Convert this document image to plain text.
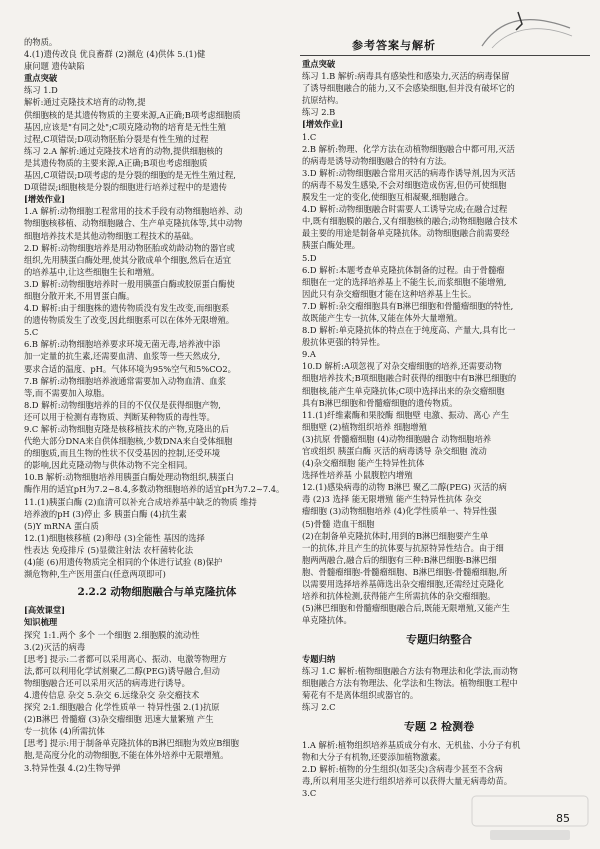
参考答案与解析
的物质。
4.(1)遗传改良 优良畜群 (2)濒危 (4)供体 5.(1)健
康问题 遗传缺陷
重点突破
练习 1.D
解析:通过克隆技术培育的动物,提
供细胞核的是其遗传物质的主要来源,A正确;B项考虑细胞质
基因,应该是"有同之处";C项克隆动物的培育是无性生殖
过程,C项错误;D项动物胚胎分裂是有性生殖的过程
练习 2.A 解析:通过克隆技术培育的动物,提供细胞核的
是其遗传物质的主要来源,A正确;B项也考虑细胞质
基因,C项错误;D项考虑的是分裂的细胞的是无性生殖过程,
D项错误;i细胞核是分裂的细胞进行培养过程中的是遗传
[增效作业]
1.A 解析:动物细胞工程常用的技术手段有动物细胞培养、动
物细胞核移植、动物细胞融合、生产单克隆抗体等,其中动物
细胞培养技术是其他动物细胞工程技术的基础。
2.D 解析:动物细胞培养是用动物胚胎或幼龄动物的器官或
组织,先用胰蛋白酶处理,使其分散成单个细胞,然后在适宜
的培养基中,让这些细胞生长和增殖。
3.D 解析:动物细胞培养时一般用胰蛋白酶或胶原蛋白酶使
细胞分散开来,不用胃蛋白酶。
4.D 解析:由于细胞株的遗传物质没有发生改变,而细胞系
的遗传物质发生了改变,因此细胞系可以在体外无限增殖。
5.C
6.B 解析:动物细胞培养要求环境无菌无毒,培养液中添
加一定量的抗生素,还需要血清、血浆等一些天然成分,
要求合适的温度、pH。气体环境为95%空气和5%CO2。
7.B 解析:动物细胞培养液通常需要加入动物血清、血浆
等,而不需要加入琼脂。
8.D 解析:动物细胞培养的目的不仅仅是获得细胞产物,
还可以用于检测有毒物质、判断某种物质的毒性等。
9.C 解析:动物细胞克隆是核移植技术的产物,克隆出的后
代绝大部分DNA来自供体细胞核,少数DNA来自受体细胞
的细胞质,而且生物的性状不仅受基因的控制,还受环境
的影响,因此克隆动物与供体动物不完全相同。
10.B 解析:动物细胞培养用胰蛋白酶处理动物组织,胰蛋白
酶作用的适宜pH为7.2~8.4,多数动物细胞培养的适宜pH为7.2~7.4。
11.(1)胰蛋白酶 (2)血清可以补充合成培养基中缺乏的物质 维持
培养液的pH (3)停止 多 胰蛋白酶 (4)抗生素
(5)Y mRNA 蛋白质
12.(1)细胞核移植 (2)卵母 (3)全能性 基因的选择
性表达 免疫排斥 (5)显微注射法 农杆菌转化法
(4)能 (6)用遗传物质完全相同的个体进行试验 (8)保护
濒危物种,生产医用蛋白(任意两项即可)
2.2.2 动物细胞融合与单克隆抗体
[高效课堂]
知识梳理
探究 1:1.两个 多个 一个细胞 2.细胞膜的流动性
3.(2)灭活的病毒
[思考] 提示:二者都可以采用离心、振动、电激等物理方
法,都可以利用化学试剂聚乙二醇(PEG)诱导融合,但动
物细胞融合还可以采用灭活的病毒进行诱导。
4.遗传信息 杂交 5.杂交 6.远缘杂交 杂交瘤技术
探究 2:1.细胞融合 化学性质单一 特异性强 2.(1)抗原
(2)B淋巴 骨髓瘤 (3)杂交瘤细胞 迅速大量繁殖 产生
专一抗体 (4)所需抗体
[思考] 提示:用于制备单克隆抗体的B淋巴细胞为效应B细胞
胞,是高度分化的动物细胞,不能在体外培养中无限增殖。
3.特异性强 4.(2)生物导弹
重点突破
练习 1.B 解析:病毒具有感染性和感染力,灭活的病毒保留
了诱导细胞融合的能力,又不会感染细胞,但并没有破坏它的
抗原结构。
练习 2.B
[增效作业]
1.C
2.B 解析:物理、化学方法在动植物细胞融合中都可用,灭活
的病毒是诱导动物细胞融合的特有方法。
3.D 解析:动物细胞融合常用灭活的病毒作诱导剂,因为灭活
的病毒不易发生感染,不会对细胞造成伤害,但仍可使细胞
膜发生一定的变化,使细胞互相凝聚,细胞融合。
4.D 解析:动物细胞融合时需要人工诱导完成;在融合过程
中,既有细胞膜的融合,又有细胞核的融合;动物细胞融合技术
最主要的用途是制备单克隆抗体。动物细胞融合前需要经
胰蛋白酶处理。
5.D
6.D 解析:本题考查单克隆抗体制备的过程。由于骨髓瘤
细胞在一定的选择培养基上不能生长,而浆细胞不能增殖,
因此只有杂交瘤细胞才能在这种培养基上生长。
7.D 解析:杂交瘤细胞具有B淋巴细胞和骨髓瘤细胞的特性,
故既能产生专一抗体,又能在体外大量增殖。
8.D 解析:单克隆抗体的特点在于纯度高、产量大,具有比一
般抗体更强的特异性。
9.A
10.D 解析:A项忽视了对杂交瘤细胞的培养,还需要动物
细胞培养技术;B项细胞融合时获得的细胞中有B淋巴细胞的
细胞核,能产生单克隆抗体;C项中选择出来的杂交瘤细胞
具有B淋巴细胞和骨髓瘤细胞的遗传物质。
11.(1)纤维素酶和果胶酶 细胞壁 电激、振动、离心 产生
细胞壁 (2)植物组织培养 细胞增殖
(3)抗原 骨髓瘤细胞 (4)动物细胞融合 动物细胞培养
官或组织 胰蛋白酶 灭活的病毒诱导 杂交细胞 流动
(4)杂交瘤细胞 能产生特异性抗体
选择性培养基 小鼠腹腔内增殖
12.(1)感染病毒的动物 B淋巴 聚乙二醇(PEG) 灭活的病
毒 (2)3 选择 能无限增殖 能产生特异性抗体 杂交
瘤细胞 (3)动物细胞培养 (4)化学性质单一、特异性强
(5)骨髓 造血干细胞
(2)在制备单克隆抗体时,用到的B淋巴细胞要产生单
一的抗体,并且产生的抗体要与抗原特异性结合。由于细
胞两两融合,融合后的细胞有三种:B淋巴细胞-B淋巴细
胞、骨髓瘤细胞-骨髓瘤细胞、B淋巴细胞-骨髓瘤细胞,所
以需要用选择培养基筛选出杂交瘤细胞,还需经过克隆化
培养和抗体检测,获得能产生所需抗体的杂交瘤细胞。
(5)淋巴细胞和骨髓瘤细胞融合后,既能无限增殖,又能产生
单克隆抗体。
专题归纳整合
专题归纳
练习 1.C 解析:植物细胞融合方法有物理法和化学法,而动物
细胞融合方法有物理法、化学法和生物法。植物细胞工程中
菊花有不是离体组织或器官的。
练习 2.C
专题 2 检测卷
1.A 解析:植物组织培养基质成分有水、无机盐、小分子有机
物和大分子有机物,还要添加植物激素。
2.D 解析:植物的分生组织(如茎尖)含病毒少甚至不含病
毒,所以利用茎尖进行组织培养可以获得大量无病毒幼苗。
3.C
85
